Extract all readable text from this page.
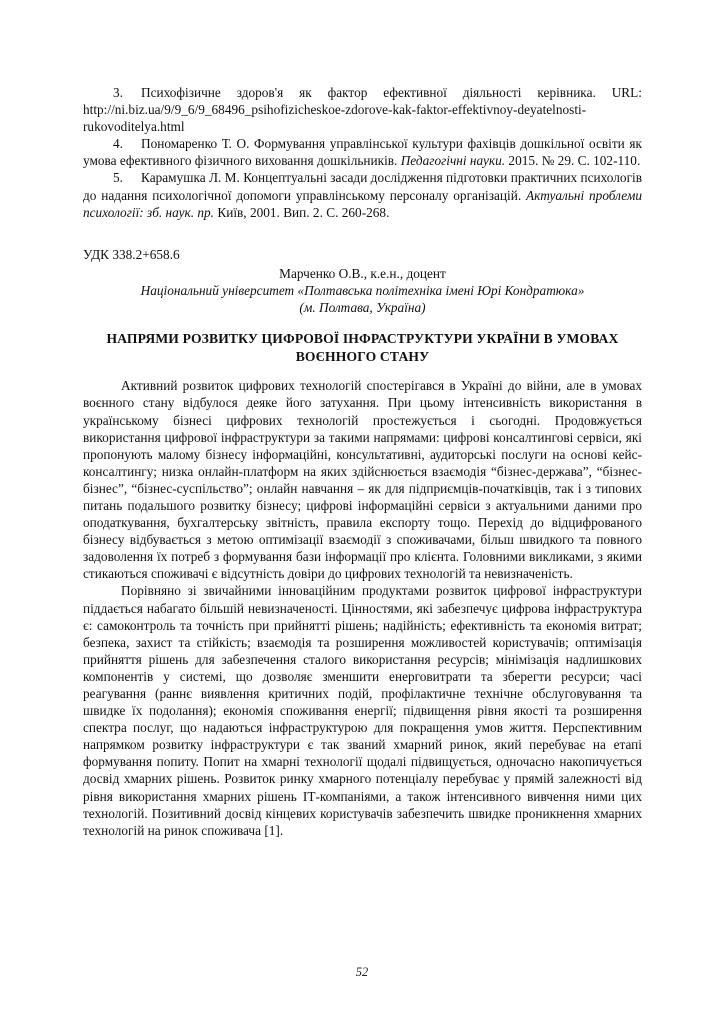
3. Психофізичне здоров'я як фактор ефективної діяльності керівника. URL: http://ni.biz.ua/9/9_6/9_68496_psihofizicheskoe-zdorove-kak-faktor-effektivnoy-deyatelnosti-rukovoditelya.html

4. Пономаренко Т. О. Формування управлінської культури фахівців дошкільної освіти як умова ефективного фізичного виховання дошкільників. Педагогічні науки. 2015. № 29. С. 102-110.

5. Карамушка Л. М. Концептуальні засади дослідження підготовки практичних психологів до надання психологічної допомоги управлінському персоналу організацій. Актуальні проблеми психології: зб. наук. пр. Київ, 2001. Вип. 2. С. 260-268.

УДК 338.2+658.6

Марченко О.В., к.е.н., доцент
Національний університет «Полтавська політехніка імені Юрі Кондратюка»
(м. Полтава, Україна)
НАПРЯМИ РОЗВИТКУ ЦИФРОВОЇ ІНФРАСТРУКТУРИ УКРАЇНИ В УМОВАХ ВОЄННОГО СТАНУ

Активний розвиток цифрових технологій спостерігався в Україні до війни, але в умовах воєнного стану відбулося деяке його затухання. При цьому інтенсивність використання в українському бізнесі цифрових технологій простежується і сьогодні. Продовжується використання цифрової інфраструктури за такими напрямами: цифрові консалтингові сервіси, які пропонують малому бізнесу інформаційні, консультативні, аудиторські послуги на основі кейс-консалтингу; низка онлайн-платформ на яких здійснюється взаємодія “бізнес-держава”, “бізнес-бізнес”, “бізнес-суспільство”; онлайн навчання – як для підприємців-початківців, так і з типових питань подальшого розвитку бізнесу; цифрові інформаційні сервіси з актуальними даними про оподаткування, бухгалтерську звітність, правила експорту тощо. Перехід до відцифрованого бізнесу відбувається з метою оптимізації взаємодії з споживачами, більш швидкого та повного задоволення їх потреб з формування бази інформації про клієнта. Головними викликами, з якими стикаються споживачі є відсутність довіри до цифрових технологій та невизначеність.

Порівняно зі звичайними інноваційним продуктами розвиток цифрової інфраструктури піддається набагато більшій невизначеності. Цінностями, які забезпечує цифрова інфраструктура є: самоконтроль та точність при прийнятті рішень; надійність; ефективність та економія витрат; безпека, захист та стійкість; взаємодія та розширення можливостей користувачів; оптимізація прийняття рішень для забезпечення сталого використання ресурсів; мінімізація надлишкових компонентів у системі, що дозволяє зменшити енерговитрати та зберегти ресурси; часі реагування (раннє виявлення критичних подій, профілактичне технічне обслуговування та швидке їх подолання); економія споживання енергії; підвищення рівня якості та розширення спектра послуг, що надаються інфраструктурою для покращення умов життя. Перспективним напрямком розвитку інфраструктури є так званий хмарний ринок, який перебуває на етапі формування попиту. Попит на хмарні технології щодалі підвищується, одночасно накопичується досвід хмарних рішень. Розвиток ринку хмарного потенціалу перебуває у прямій залежності від рівня використання хмарних рішень ІТ-компаніями, а також інтенсивного вивчення ними цих технологій. Позитивний досвід кінцевих користувачів забезпечить швидке проникнення хмарних технологій на ринок споживача [1].

52
